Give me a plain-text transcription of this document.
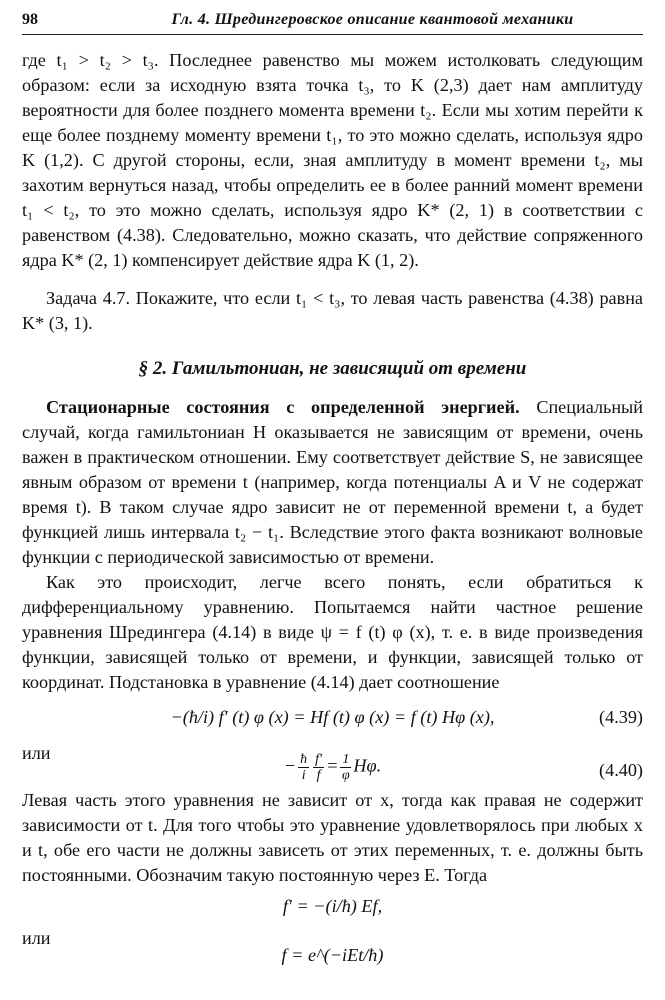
98	Гл. 4. Шредингеровское описание квантовой механики

где t₁ > t₂ > t₃. Последнее равенство мы можем истолковать следующим образом: если за исходную взята точка t₃, то K (2,3) дает нам амплитуду вероятности для более позднего момента времени t₂. Если мы хотим перейти к еще более позднему моменту времени t₁, то это можно сделать, используя ядро K (1,2). С другой стороны, если, зная амплитуду в момент времени t₂, мы захотим вернуться назад, чтобы определить ее в более ранний момент времени t₁ < t₂, то это можно сделать, используя ядро K* (2, 1) в соответствии с равенством (4.38). Следовательно, можно сказать, что действие сопряженного ядра K* (2, 1) компенсирует действие ядра K (1, 2).

Задача 4.7. Покажите, что если t₁ < t₃, то левая часть равенства (4.38) равна K* (3, 1).

§ 2. Гамильтониан, не зависящий от времени

Стационарные состояния с определенной энергией. Специальный случай, когда гамильтониан H оказывается не зависящим от времени, очень важен в практическом отношении. Ему соответствует действие S, не зависящее явным образом от времени t (например, когда потенциалы A и V не содержат время t). В таком случае ядро зависит не от переменной времени t, а будет функцией лишь интервала t₂ − t₁. Вследствие этого факта возникают волновые функции с периодической зависимостью от времени.

Как это происходит, легче всего понять, если обратиться к дифференциальному уравнению. Попытаемся найти частное решение уравнения Шредингера (4.14) в виде ψ = f (t) φ (x), т. е. в виде произведения функции, зависящей только от времени, и функции, зависящей только от координат. Подстановка в уравнение (4.14) дает соотношение

−(ħ/i) f′ (t) φ (x) = Hf (t) φ (x) = f (t) Hφ (x),	(4.39)

или

− $\frac{ħ}{i} \frac{f'}{f} = \frac{1}{\varphi} H\varphi$.	(4.40)

Левая часть этого уравнения не зависит от x, тогда как правая не содержит зависимости от t. Для того чтобы это уравнение удовлетворялось при любых x и t, обе его части не должны зависеть от этих переменных, т. е. должны быть постоянными. Обозначим такую постоянную через E. Тогда

f′ = −(i/ħ) Ef,

или

f = e^(−iEt/ħ)
